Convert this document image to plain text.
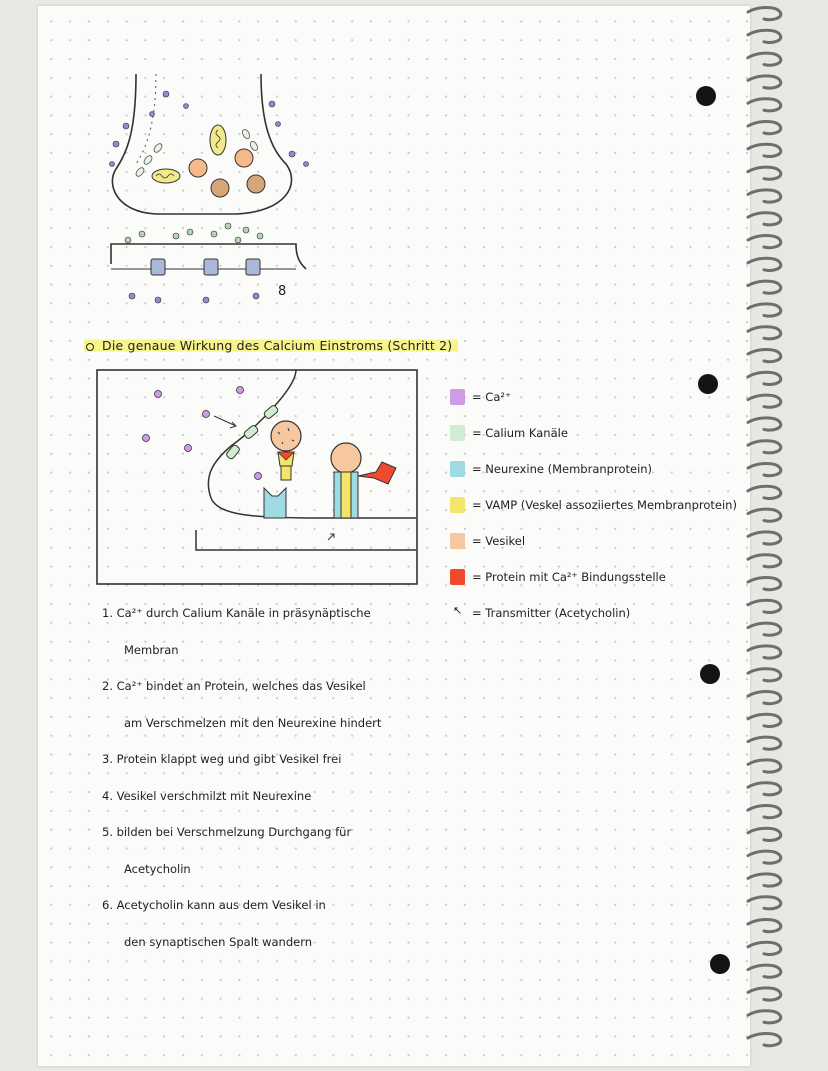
8
Die genaue Wirkung des Calcium Einstroms (Schritt 2)
= Ca²⁺
= Calium Kanäle
= Neurexine (Membranprotein)
= VAMP (Veskel assoziiertes Membranprotein)
= Vesikel
= Protein mit Ca²⁺ Bindungsstelle
↖ = Transmitter (Acetycholin)
1. Ca²⁺ durch Calium Kanäle in präsynäptische
Membran
2. Ca²⁺ bindet an Protein, welches das Vesikel
am Verschmelzen mit den Neurexine hindert
3. Protein klappt weg und gibt Vesikel frei
4. Vesikel verschmilzt mit Neurexine
5. bilden bei Verschmelzung Durchgang für
Acetycholin
6. Acetycholin kann aus dem Vesikel in
den synaptischen Spalt wandern
